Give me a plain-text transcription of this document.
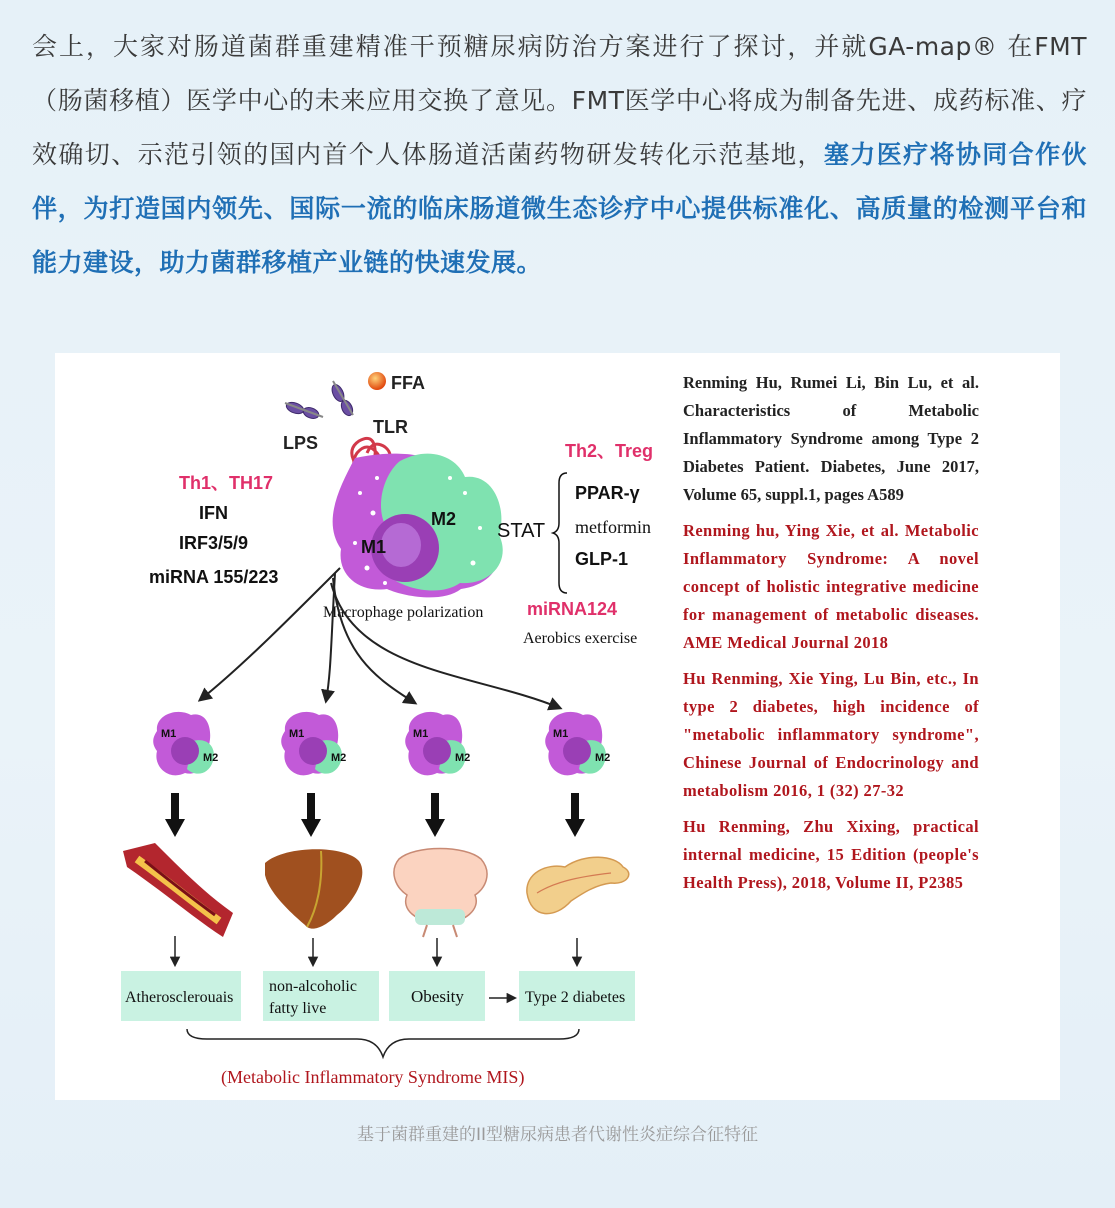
会上，大家对肠道菌群重建精准干预糖尿病防治方案进行了探讨，并就GA-map® 在FMT（肠菌移植）医学中心的未来应用交换了意见。FMT医学中心将成为制备先进、成药标准、疗效确切、示范引领的国内首个人体肠道活菌药物研发转化示范基地，塞力医疗将协同合作伙伴，为打造国内领先、国际一流的临床肠道微生态诊疗中心提供标准化、高质量的检测平台和能力建设，助力菌群移植产业链的快速发展。
FFA
LPS
TLR
M1
M2
Th1、TH17
IFN
IRF3/5/9
miRNA 155/223
Th2、Treg
STAT
PPAR-γ
metformin
GLP-1
Macrophage polarization miRNA124
Aerobics exercise
M1
M2
M1
M2
M1
M2
M1
M2
Atherosclerouais
non-alcoholic
fatty live
Obesity	Type 2 diabetes
(Metabolic Inflammatory Syndrome MIS)
Renming Hu, Rumei Li, Bin Lu, et al. Characteristics of Metabolic Inflammatory Syndrome among Type 2 Diabetes Patient. Diabetes, June 2017, Volume 65, suppl.1, pages A589
Renming hu, Ying Xie, et al. Metabolic Inflammatory Syndrome: A novel concept of holistic integrative medicine for management of metabolic diseases. AME Medical Journal 2018
Hu Renming, Xie Ying, Lu Bin, etc., In type 2 diabetes, high incidence of "metabolic inflammatory syndrome", Chinese Journal of Endocrinology and metabolism 2016, 1 (32) 27-32
Hu Renming, Zhu Xixing, practical internal medicine, 15 Edition (people's Health Press), 2018, Volume II, P2385
基于菌群重建的II型糖尿病患者代谢性炎症综合征特征
